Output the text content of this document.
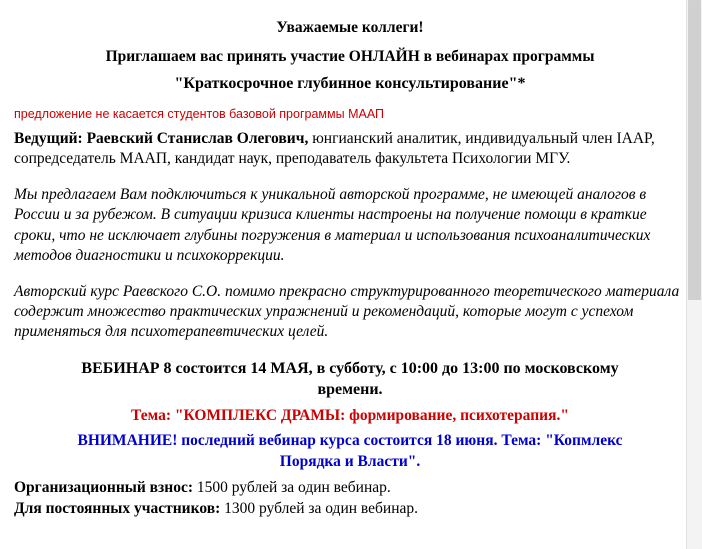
Уважаемые коллеги!
Приглашаем вас принять участие ОНЛАЙН в вебинарах программы
"Краткосрочное глубинное консультирование"*
предложение не касается студентов базовой программы МААП

Ведущий: Раевский Станислав Олегович, юнгианский аналитик, индивидуальный член IAAP, сопредседатель МААП, кандидат наук, преподаватель факультета Психологии МГУ.

Мы предлагаем Вам подключиться к уникальной авторской программе, не имеющей аналогов в России и за рубежом. В ситуации кризиса клиенты настроены на получение помощи в краткие сроки, что не исключает глубины погружения в материал и использования психоаналитических методов диагностики и психокоррекции.

Авторский курс Раевского С.О. помимо прекрасно структурированного теоретического материала содержит множество практических упражнений и рекомендаций, которые могут с успехом применяться для психотерапевтических целей.

ВЕБИНАР 8 состоится 14 МАЯ, в субботу, с 10:00 до 13:00 по московскому
времени.
Тема: "КОМПЛЕКС ДРАМЫ: формирование, психотерапия."
ВНИМАНИЕ! последний вебинар курса состоится 18 июня. Тема: "Копмлекс
Порядка и Власти".
Организационный взнос: 1500 рублей за один вебинар.
Для постоянных участников: 1300 рублей за один вебинар.
